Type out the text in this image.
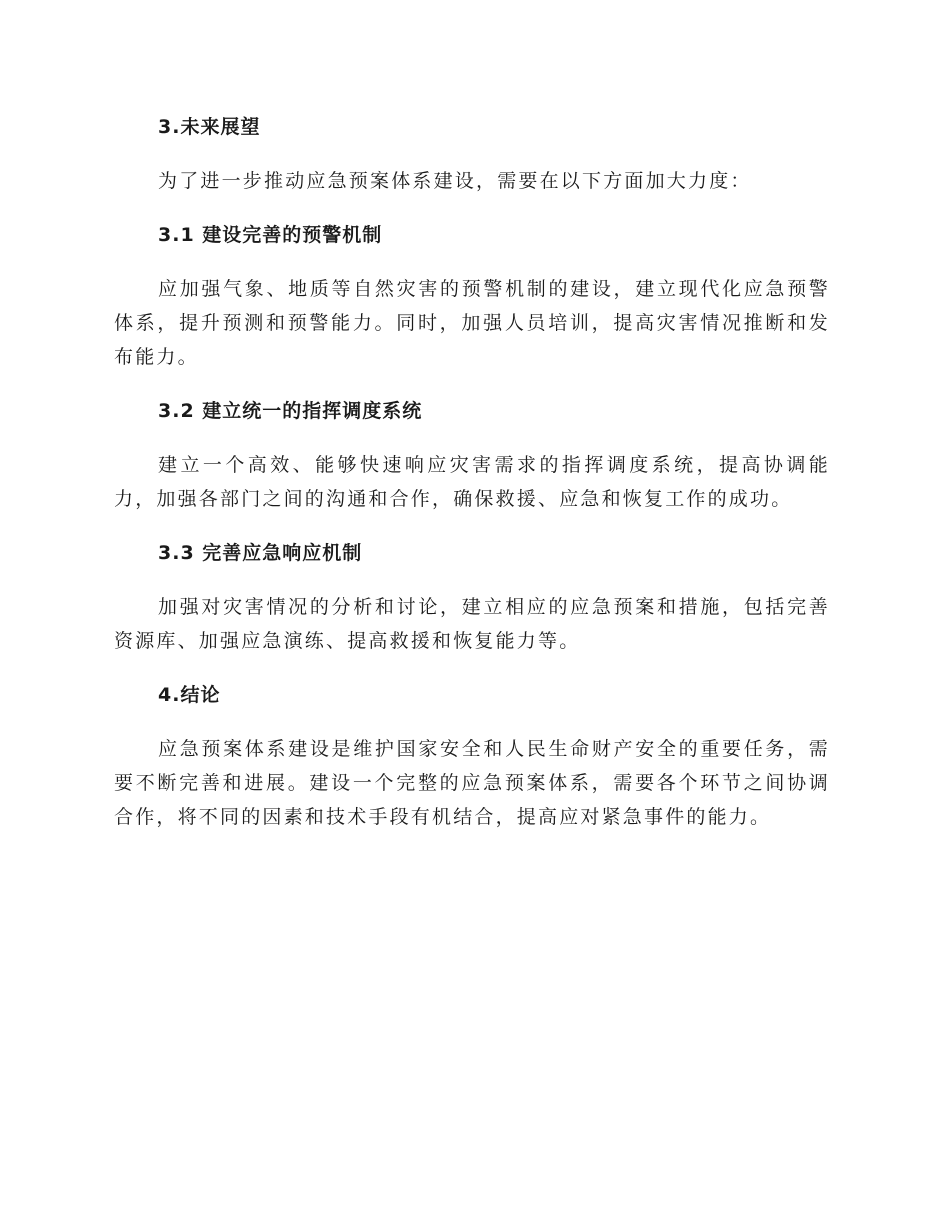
3.未来展望

为了进一步推动应急预案体系建设，需要在以下方面加大力度：

3.1 建设完善的预警机制

应加强气象、地质等自然灾害的预警机制的建设，建立现代化应急预警体系，提升预测和预警能力。同时，加强人员培训，提高灾害情况推断和发布能力。

3.2 建立统一的指挥调度系统

建立一个高效、能够快速响应灾害需求的指挥调度系统，提高协调能力，加强各部门之间的沟通和合作，确保救援、应急和恢复工作的成功。

3.3 完善应急响应机制

加强对灾害情况的分析和讨论，建立相应的应急预案和措施，包括完善资源库、加强应急演练、提高救援和恢复能力等。

4.结论

应急预案体系建设是维护国家安全和人民生命财产安全的重要任务，需要不断完善和进展。建设一个完整的应急预案体系，需要各个环节之间协调合作，将不同的因素和技术手段有机结合，提高应对紧急事件的能力。
